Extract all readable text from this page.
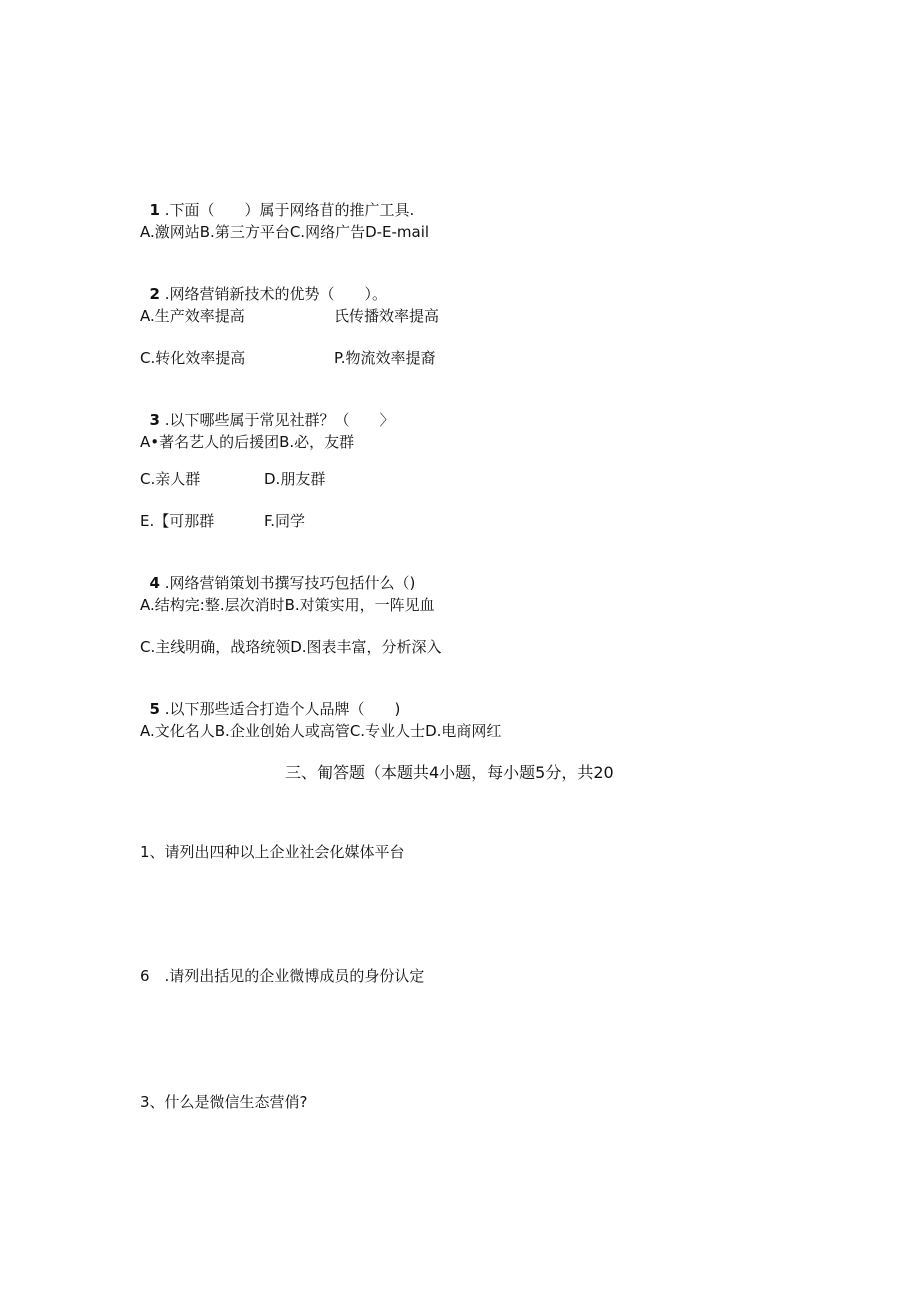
1 .下面（　　）属于网络苜的推广工具.

A.激网站B.第三方平台C.网络广告D-E-mail

2 .网络营销新技术的优势（　　）。

A.生产效率提高	氏传播效率提高
C.转化效率提高	P.物流效率提裔

3 .以下哪些属于常见社群？（　　〉

A•著名艺人的后援团B.必，友群
C.亲人群	D.朋友群
E.【可那群	F.同学

4 .网络营销策划书撰写技巧包括什么（)

A.结构完:整.层次消时B.对策实用，一阵见血
C.主线明确，战珞统领D.图表丰富，分析深入

5 .以下那些适合打造个人品牌（　　)

A.文化名人B.企业创始人或高管C.专业人士D.电商网红
三、匍答题（本题共4小题，每小题5分，共20
1、请列出四种以上企业社会化媒体平台
6　.请列出括见的企业微博成员的身份认定
3、什么是微信生态营俏?
